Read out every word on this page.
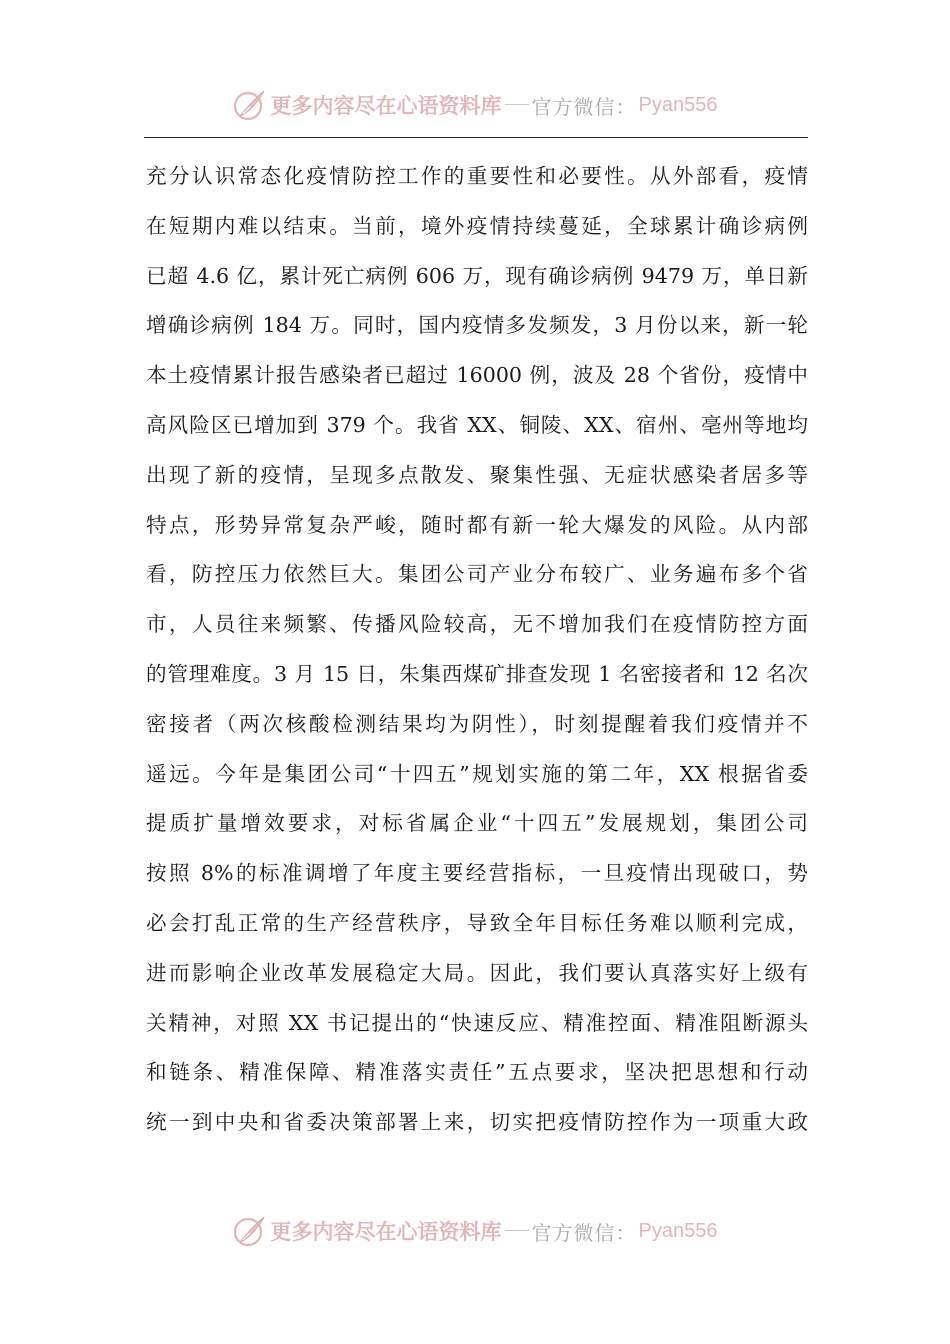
更多内容尽在心语资料库 官方微信： Pyan556
充分认识常态化疫情防控工作的重要性和必要性。从外部看，疫情
在短期内难以结束。当前，境外疫情持续蔓延，全球累计确诊病例
已超 4.6 亿，累计死亡病例 606 万，现有确诊病例 9479 万，单日新
增确诊病例 184 万。同时，国内疫情多发频发，3 月份以来，新一轮
本土疫情累计报告感染者已超过 16000 例，波及 28 个省份，疫情中
高风险区已增加到 379 个。我省 XX、铜陵、XX、宿州、亳州等地均
出现了新的疫情，呈现多点散发、聚集性强、无症状感染者居多等
特点，形势异常复杂严峻，随时都有新一轮大爆发的风险。从内部
看，防控压力依然巨大。集团公司产业分布较广、业务遍布多个省
市，人员往来频繁、传播风险较高，无不增加我们在疫情防控方面
的管理难度。3 月 15 日，朱集西煤矿排查发现 1 名密接者和 12 名次
密接者（两次核酸检测结果均为阴性），时刻提醒着我们疫情并不
遥远。今年是集团公司“十四五”规划实施的第二年，XX 根据省委
提质扩量增效要求，对标省属企业“十四五”发展规划，集团公司
按照 8%的标准调增了年度主要经营指标，一旦疫情出现破口，势
必会打乱正常的生产经营秩序，导致全年目标任务难以顺利完成，
进而影响企业改革发展稳定大局。因此，我们要认真落实好上级有
关精神，对照 XX 书记提出的“快速反应、精准控面、精准阻断源头
和链条、精准保障、精准落实责任”五点要求，坚决把思想和行动
统一到中央和省委决策部署上来，切实把疫情防控作为一项重大政
更多内容尽在心语资料库 官方微信： Pyan556
